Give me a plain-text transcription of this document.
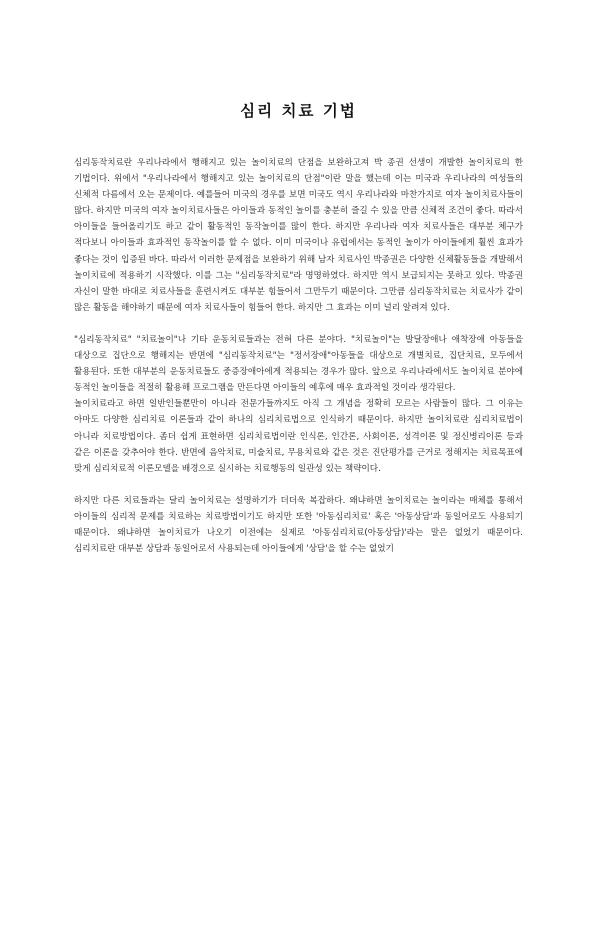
심리 치료 기법

심리동작치료란 우리나라에서 행해지고 있는 놀이치료의 단점을 보완하고져 박 종권 선생이 개발한 놀이치료의 한 기법이다. 위에서 "우리나라에서 행해지고 있는 놀이치료의 단점"이란 말을 했는데 이는 미국과 우리나라의 여성들의 신체적 다름에서 오는 문제이다. 예를들어 미국의 경우를 보면 미국도 역시 우리나라와 마찬가지로 여자 놀이치료사들이 많다. 하지만 미국의 여자 놀이치료사들은 아이들과 동적인 놀이를 충분히 즐길 수 있을 만큼 신체적 조건이 좋다. 따라서 아이들을 들어올리기도 하고 같이 활동적인 동작놀이를 많이 한다. 하지만 우리나라 여자 치료사들은 대부분 체구가 적다보니 아이들과 효과적인 동작놀이를 할 수 없다. 이미 미국이나 유럽에서는 동적인 놀이가 아이들에게 훨씬 효과가 좋다는 것이 입증된 바다. 따라서 이러한 문제점을 보완하기 위해 남자 치료사인 박종권은 다양한 신체활동들을 개발해서 놀이치료에 적용하기 시작했다. 이를 그는 "심리동작치료"라 명명하였다. 하지만 역시 보급되지는 못하고 있다. 박종권 자신이 말한 바대로 치료사들을 훈련시켜도 대부분 힘들어서 그만두기 때문이다. 그만큼 심리동작치료는 치료사가 같이 많은 활동을 해야하기 때문에 여자 치료사들이 힘들어 한다. 하지만 그 효과는 이미 널리 알려져 있다.

"심리동작치료" "치료놀이"나 기타 운동치료들과는 전혀 다른 분야다. "치료놀이"는 발달장애나 애착장애 아동들을 대상으로 집단으로 행해지는 반면에 "심리동작치료"는 "정서장애"아동들을 대상으로 개별치료, 집단치료, 모두에서 활용된다. 또한 대부분의 운동치료들도 중증장애아에게 적용되는 경우가 많다. 앞으로 우리나라에서도 놀이치료 분야에 동적인 놀이들을 적절히 활용해 프로그램을 만든다면 아이들의 예후에 매우 효과적일 것이라 생각된다.

놀이치료라고 하면 일반인들뿐만이 아니라 전문가들까지도 아직 그 개념을 정확히 모르는 사람들이 많다. 그 이유는 아마도 다양한 심리치료 이론들과 같이 하나의 심리치료법으로 인식하기 때문이다. 하지만 놀이치료란 심리치료법이 아니라 치료방법이다. 좀더 쉽게 표현하면 심리치료법이란 인식론, 인간론, 사회이론, 성격이론 및 정신병리이론 등과 같은 이론을 갖추어야 한다. 반면에 음악치료, 미술치료, 무용치료와 같은 것은 진단평가를 근거로 정해지는 치료목표에 맞게 심리치료적 이론모델을 배경으로 실시하는 치료행동의 일관성 있는 책략이다.

하지만 다른 치료들과는 달리 놀이치료는 설명하기가 더더욱 복잡하다. 왜냐하면 놀이치료는 놀이라는 매체를 통해서 아이들의 심리적 문제를 치료하는 치료방법이기도 하지만 또한 '아동심리치료' 혹은 '아동상담'과 동일어로도 사용되기 때문이다. 왜냐하면 놀이치료가 나오기 이전에는 실제로 '아동심리치료(아동상담)'라는 말은 없었기 때문이다. 심리치료란 대부분 상담과 동일어로서 사용되는데 아이들에게 '상담'을 할 수는 없었기
